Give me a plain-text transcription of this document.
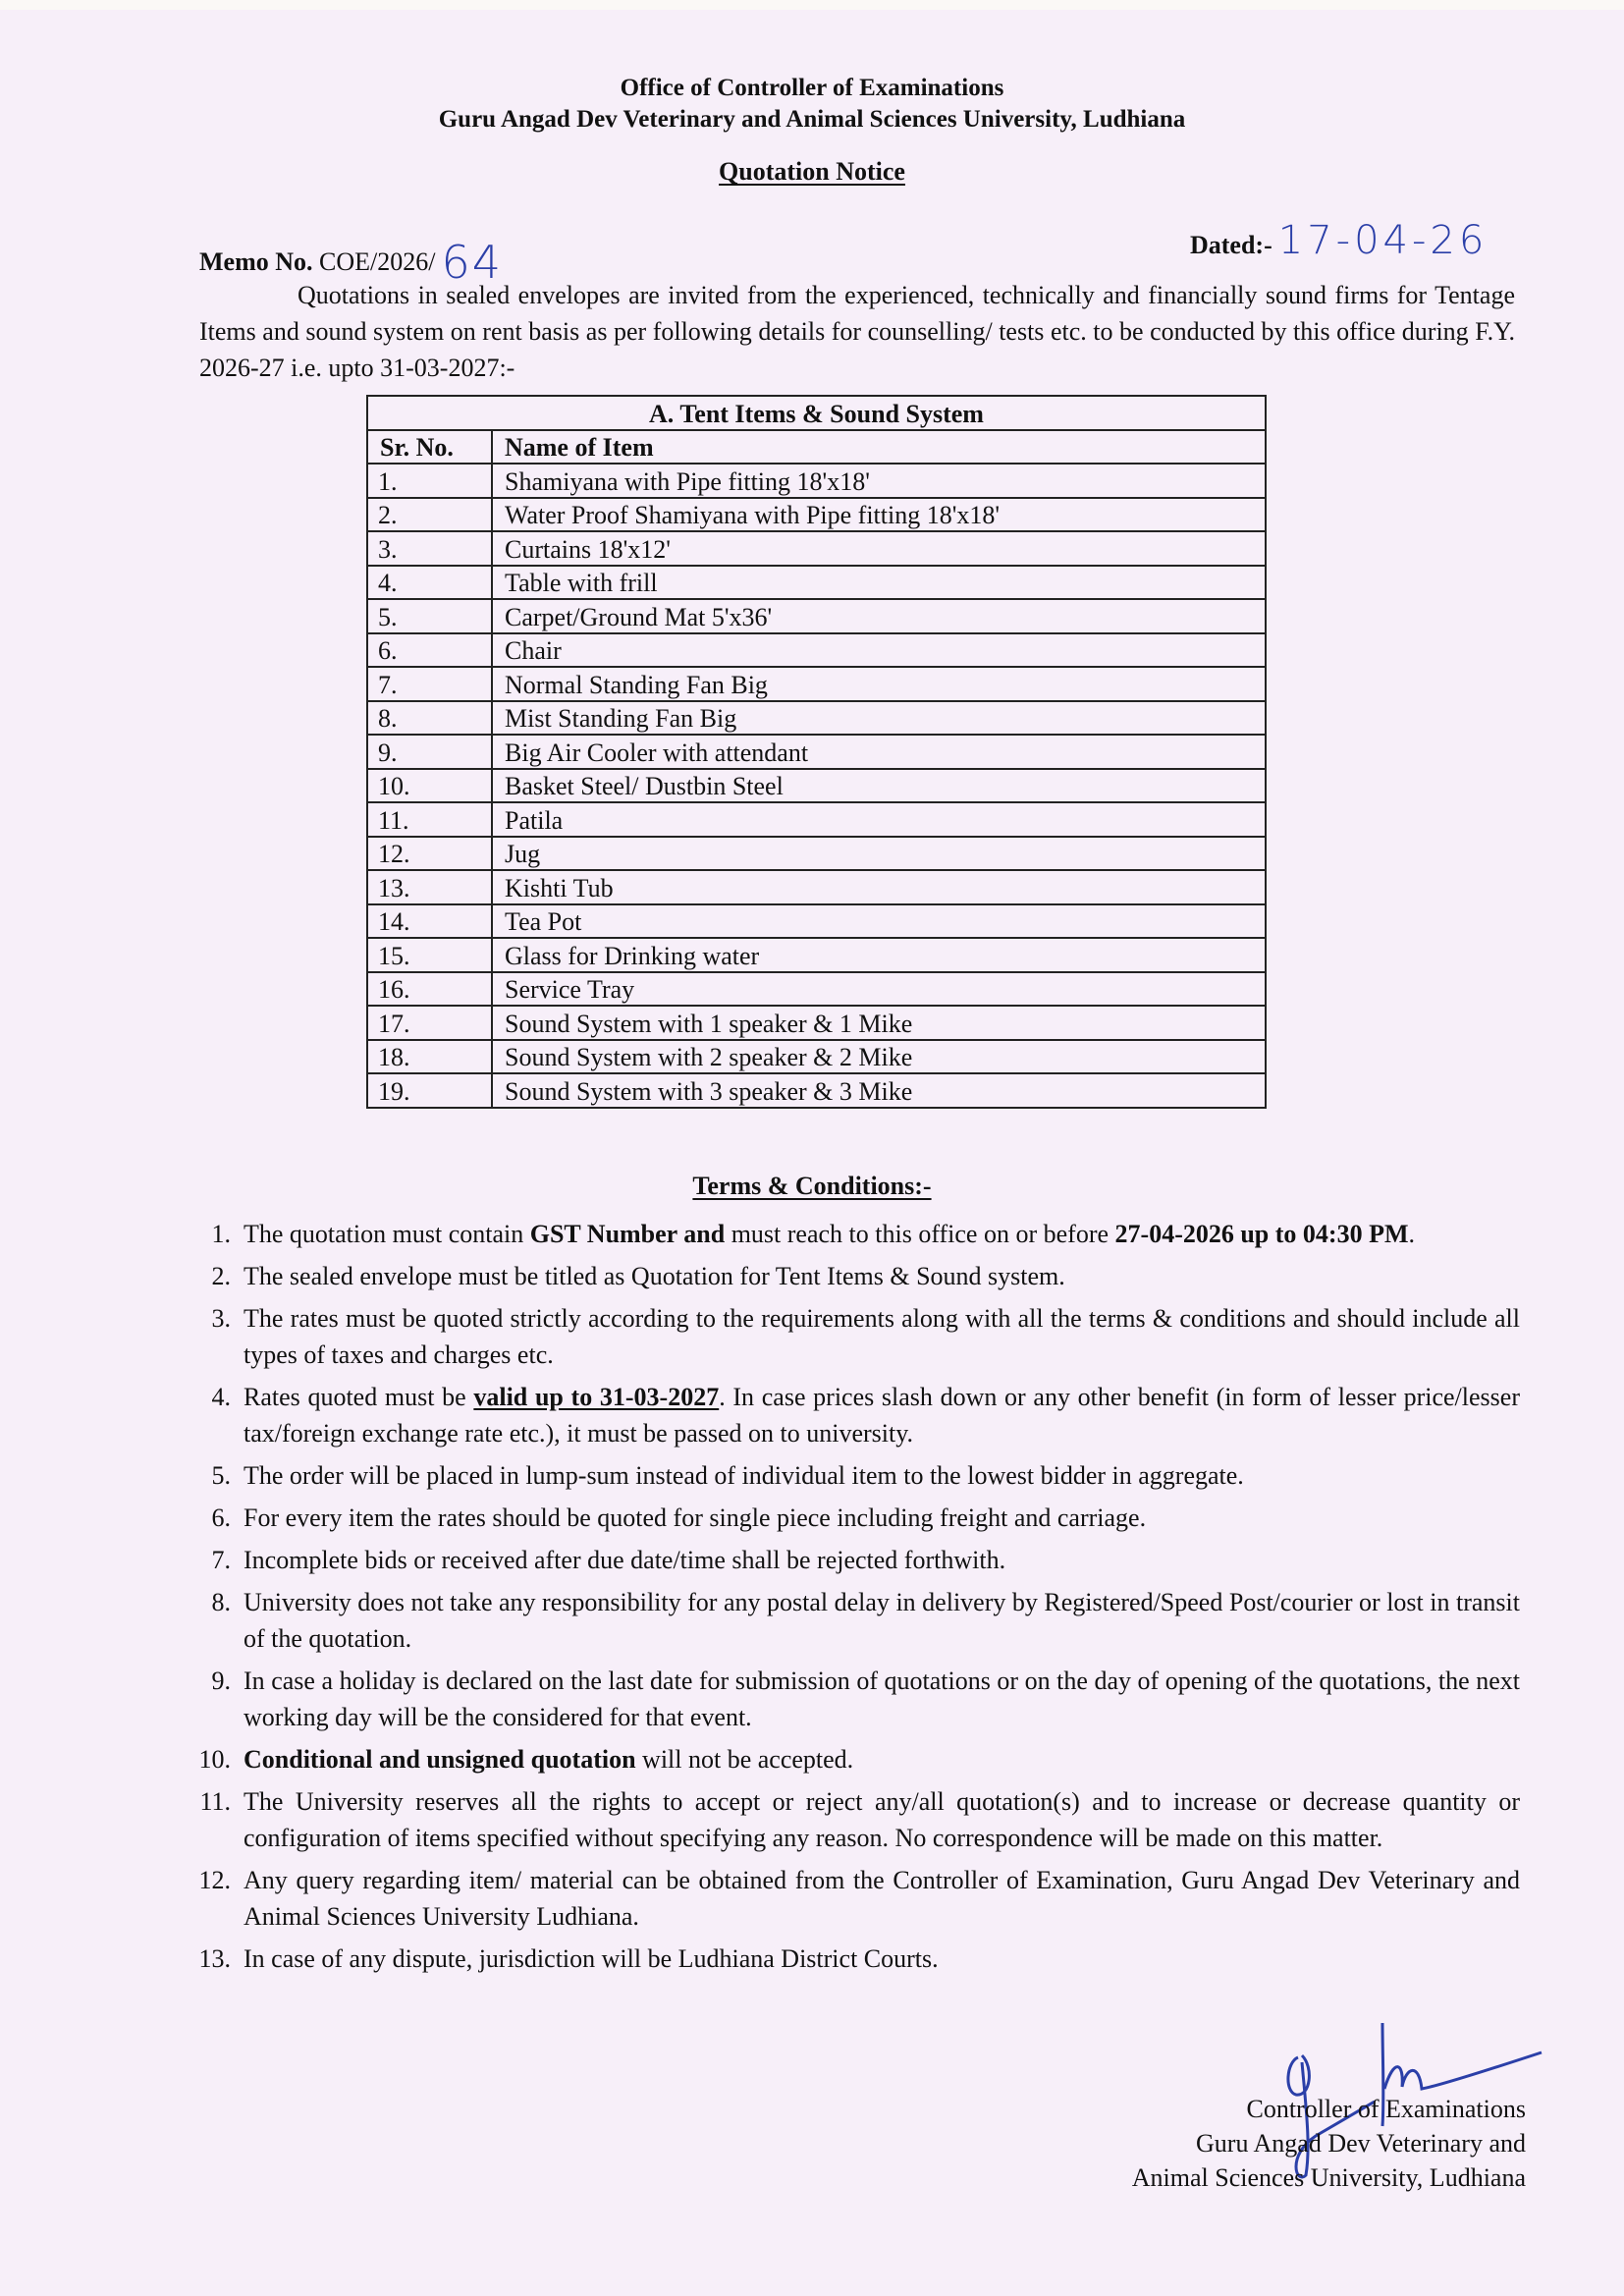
Office of Controller of Examinations
Guru Angad Dev Veterinary and Animal Sciences University, Ludhiana
Quotation Notice
Memo No. COE/2026/ 64	Dated:- 17-04-26
Quotations in sealed envelopes are invited from the experienced, technically and financially sound firms for Tentage Items and sound system on rent basis as per following details for counselling/ tests etc. to be conducted by this office during F.Y. 2026-27 i.e. upto 31-03-2027:-
A. Tent Items & Sound System	
Sr. No.	Name of Item
1.	Shamiyana with Pipe fitting 18'x18'
2.	Water Proof Shamiyana with Pipe fitting 18'x18'
3.	Curtains 18'x12'
4.	Table with frill
5.	Carpet/Ground Mat 5'x36'
6.	Chair
7.	Normal Standing Fan Big
8.	Mist Standing Fan Big
9.	Big Air Cooler with attendant
10.	Basket Steel/ Dustbin Steel
11.	Patila
12.	Jug
13.	Kishti Tub
14.	Tea Pot
15.	Glass for Drinking water
16.	Service Tray
17.	Sound System with 1 speaker & 1 Mike
18.	Sound System with 2 speaker & 2 Mike
19.	Sound System with 3 speaker & 3 Mike
Terms & Conditions:-
1. The quotation must contain GST Number and must reach to this office on or before 27-04-2026 up to 04:30 PM.
2. The sealed envelope must be titled as Quotation for Tent Items & Sound system.
3. The rates must be quoted strictly according to the requirements along with all the terms & conditions and should include all types of taxes and charges etc.
4. Rates quoted must be valid up to 31-03-2027. In case prices slash down or any other benefit (in form of lesser price/lesser tax/foreign exchange rate etc.), it must be passed on to university.
5. The order will be placed in lump-sum instead of individual item to the lowest bidder in aggregate.
6. For every item the rates should be quoted for single piece including freight and carriage.
7. Incomplete bids or received after due date/time shall be rejected forthwith.
8. University does not take any responsibility for any postal delay in delivery by Registered/Speed Post/courier or lost in transit of the quotation.
9. In case a holiday is declared on the last date for submission of quotations or on the day of opening of the quotations, the next working day will be the considered for that event.
10. Conditional and unsigned quotation will not be accepted.
11. The University reserves all the rights to accept or reject any/all quotation(s) and to increase or decrease quantity or configuration of items specified without specifying any reason. No correspondence will be made on this matter.
12. Any query regarding item/ material can be obtained from the Controller of Examination, Guru Angad Dev Veterinary and Animal Sciences University Ludhiana.
13. In case of any dispute, jurisdiction will be Ludhiana District Courts.
Controller of Examinations
Guru Angad Dev Veterinary and
Animal Sciences University, Ludhiana
